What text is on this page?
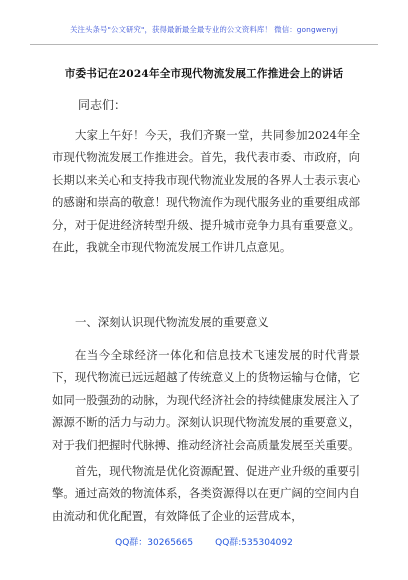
关注头条号"公文研究"，获得最新最全最专业的公文资料库！ 微信：gongwenyj
市委书记在2024年全市现代物流发展工作推进会上的讲话
同志们：
大家上午好！今天，我们齐聚一堂，共同参加2024年全市现代物流发展工作推进会。首先，我代表市委、市政府，向长期以来关心和支持我市现代物流业发展的各界人士表示衷心的感谢和崇高的敬意！现代物流作为现代服务业的重要组成部分，对于促进经济转型升级、提升城市竞争力具有重要意义。在此，我就全市现代物流发展工作讲几点意见。
一、深刻认识现代物流发展的重要意义
在当今全球经济一体化和信息技术飞速发展的时代背景下，现代物流已远远超越了传统意义上的货物运输与仓储，它如同一股强劲的动脉，为现代经济社会的持续健康发展注入了源源不断的活力与动力。深刻认识现代物流发展的重要意义，对于我们把握时代脉搏、推动经济社会高质量发展至关重要。
首先，现代物流是优化资源配置、促进产业升级的重要引擎。通过高效的物流体系，各类资源得以在更广阔的空间内自由流动和优化配置，有效降低了企业的运营成本，
QQ群：30265665 QQ群:535304092
